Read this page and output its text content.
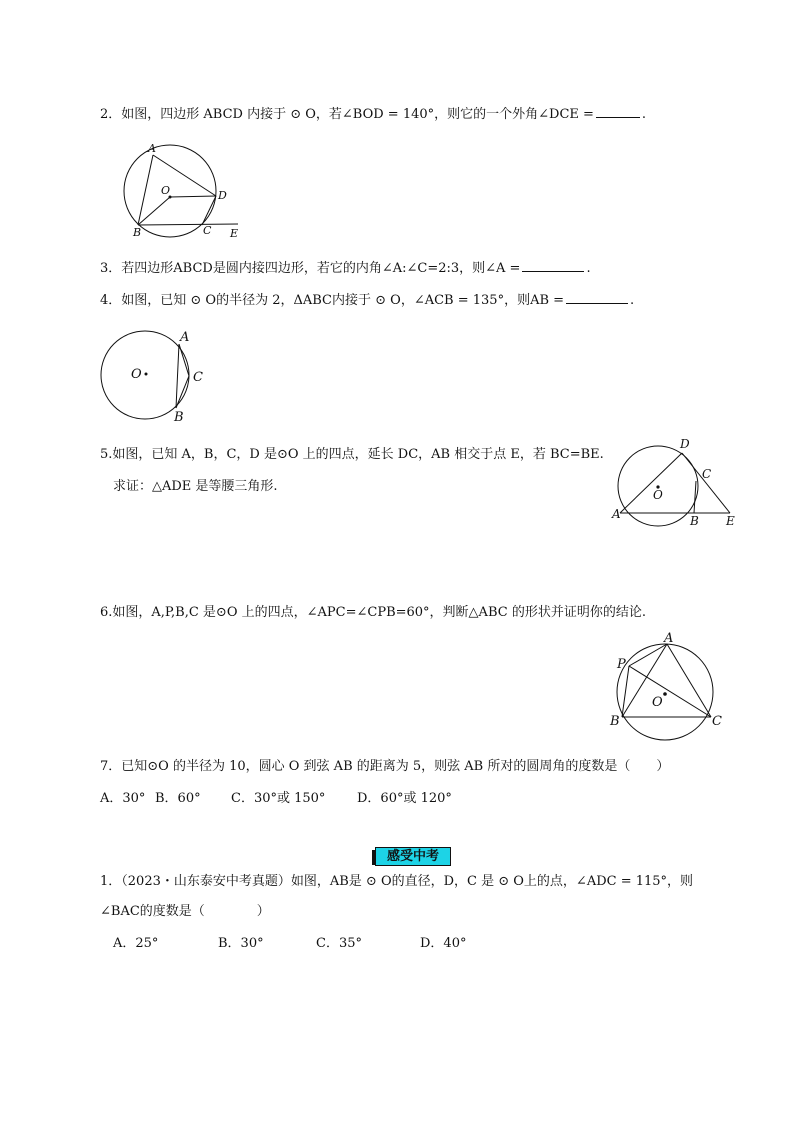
2．如图，四边形 ABCD 内接于 ⊙ O，若∠BOD = 140°，则它的一个外角∠DCE =	.
A
O	D
B	C E
3．若四边形ABCD是圆内接四边形，若它的内角∠A:∠C=2:3，则∠A =	.
4．如图，已知 ⊙ O的半径为 2，ΔABC内接于 ⊙ O，∠ACB = 135°，则AB =	.
O
A
C
B
5.如图，已知 A，B，C，D 是⊙O 上的四点，延长 DC，AB 相交于点 E，若 BC=BE.
求证：△ADE 是等腰三角形.
D
C
O
A	B E
6.如图，A,P,B,C 是⊙O 上的四点，∠APC=∠CPB=60°，判断△ABC 的形状并证明你的结论.
A
P
O
B	C
7．已知⊙O 的半径为 10，圆心 O 到弦 AB 的距离为 5，则弦 AB 所对的圆周角的度数是（　　）
A．30° B．60° C．30°或 150° D．60°或 120°
感受中考
1．（2023・山东泰安中考真题）如图，AB是 ⊙ O的直径，D，C 是 ⊙ O上的点，∠ADC = 115°，则
∠BAC的度数是（　　　　）
A．25°	B．30°	C．35°	D．40°
